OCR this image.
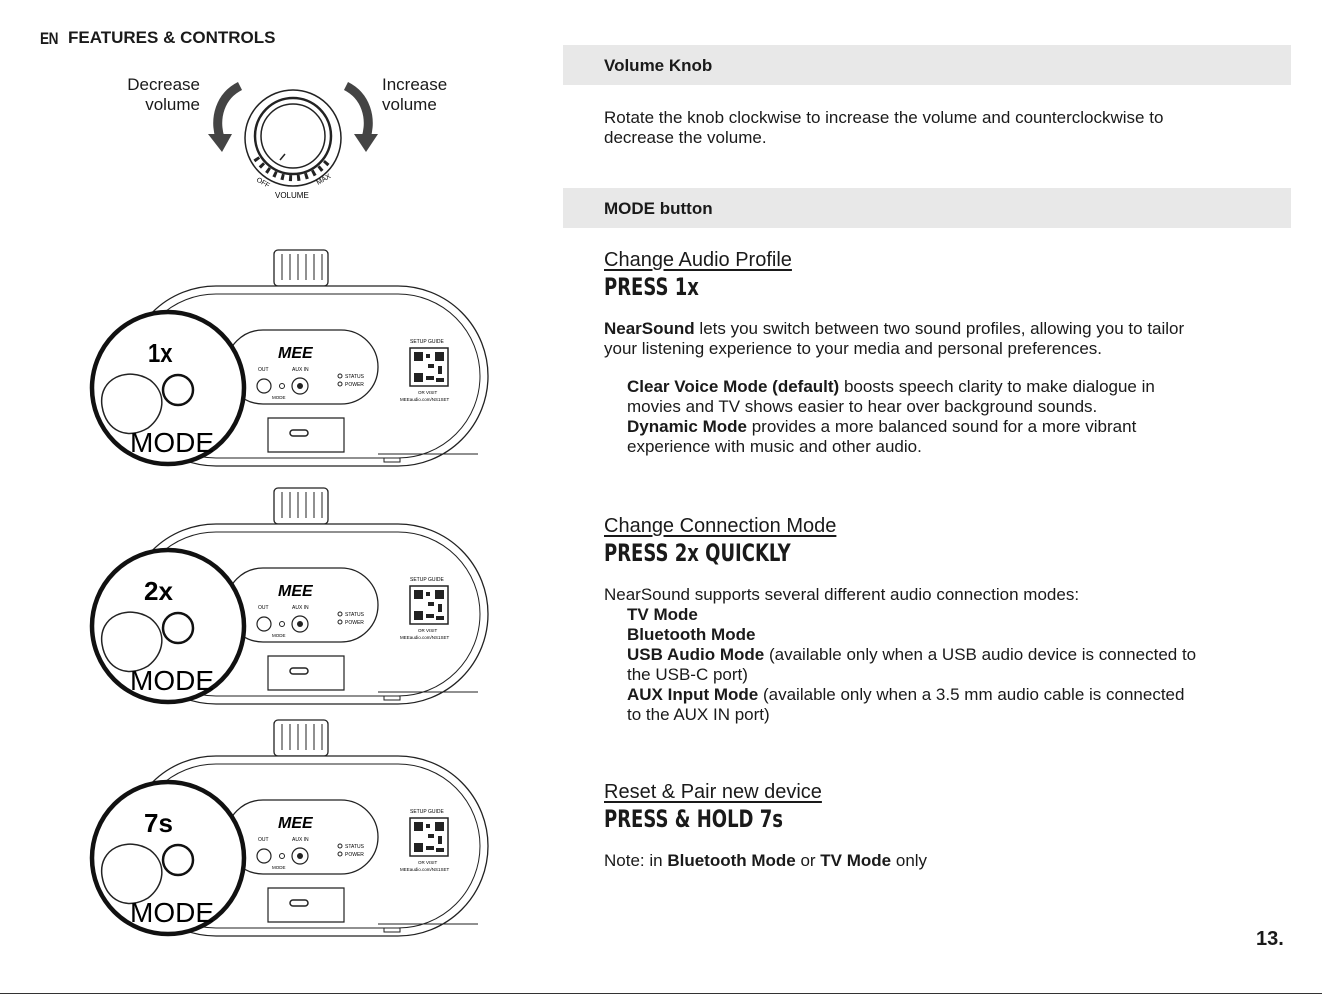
EN FEATURES & CONTROLS
Decrease
volume
Increase
volume
OFF	MAX
VOLUME
MEE
OUT	AUX IN
MODE
STATUS
POWER
SETUP GUIDE
OR VISIT
MEEaudio.com/NS1SET
1x
MODE
MEE
OUT	AUX IN
MODE
STATUS
POWER
SETUP GUIDE
OR VISIT
MEEaudio.com/NS1SET
2x
MODE
MEE
OUT	AUX IN
MODE
STATUS
POWER
SETUP GUIDE
OR VISIT
MEEaudio.com/NS1SET
7s
MODE
Volume Knob
Rotate the knob clockwise to increase the volume and counterclockwise to
decrease the volume.
MODE button
Change Audio Profile
PRESS 1x
NearSound lets you switch between two sound profiles, allowing you to tailor
your listening experience to your media and personal preferences.
Clear Voice Mode (default) boosts speech clarity to make dialogue in
movies and TV shows easier to hear over background sounds.
Dynamic Mode provides a more balanced sound for a more vibrant
experience with music and other audio.
Change Connection Mode
PRESS 2x QUICKLY
NearSound supports several different audio connection modes:
TV Mode
Bluetooth Mode
USB Audio Mode (available only when a USB audio device is connected to
the USB-C port)
AUX Input Mode (available only when a 3.5 mm audio cable is connected
to the AUX IN port)
Reset & Pair new device
PRESS & HOLD 7s
Note: in Bluetooth Mode or TV Mode only
13.
